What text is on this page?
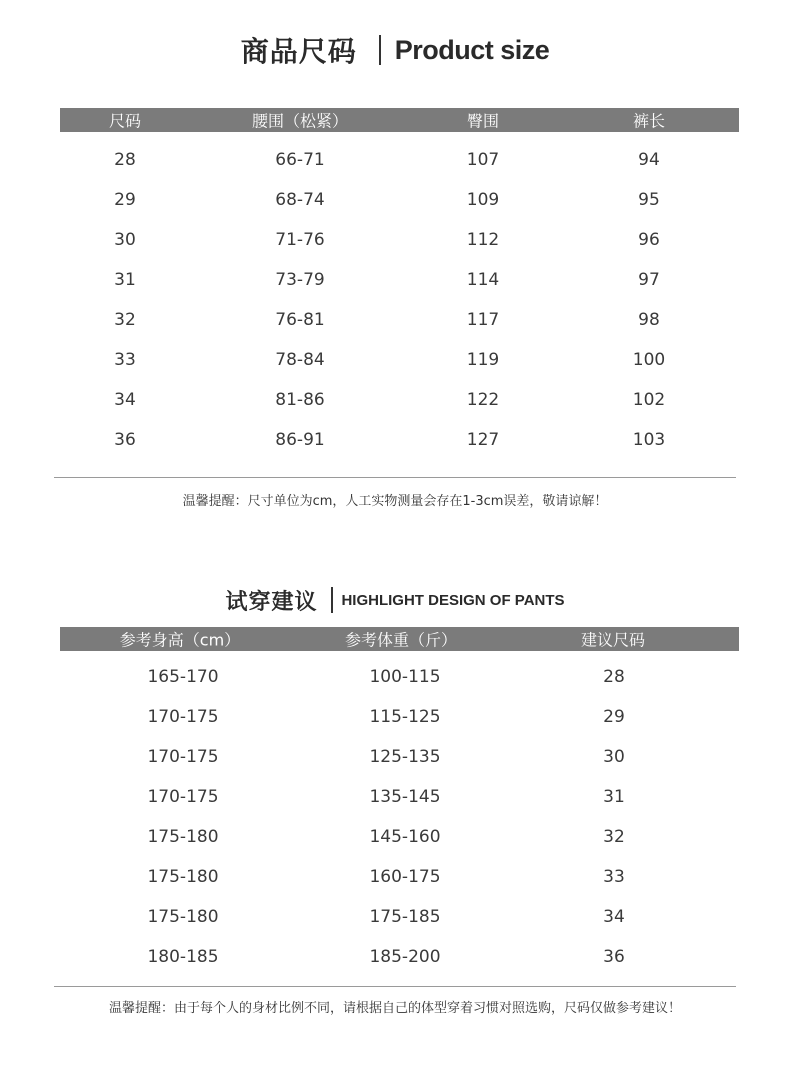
商品尺码 Product size
尺码	腰围（松紧）	臀围	裤长
28	66-71	107	94
29	68-74	109	95
30	71-76	112	96
31	73-79	114	97
32	76-81	117	98
33	78-84	119	100
34	81-86	122	102
36	86-91	127	103
温馨提醒：尺寸单位为cm，人工实物测量会存在1-3cm误差，敬请谅解！
试穿建议 HIGHLIGHT DESIGN OF PANTS
参考身高（cm）	参考体重（斤）	建议尺码
165-170	100-115	28
170-175	115-125	29
170-175	125-135	30
170-175	135-145	31
175-180	145-160	32
175-180	160-175	33
175-180	175-185	34
180-185	185-200	36
温馨提醒：由于每个人的身材比例不同，请根据自己的体型穿着习惯对照选购，尺码仅做参考建议！
